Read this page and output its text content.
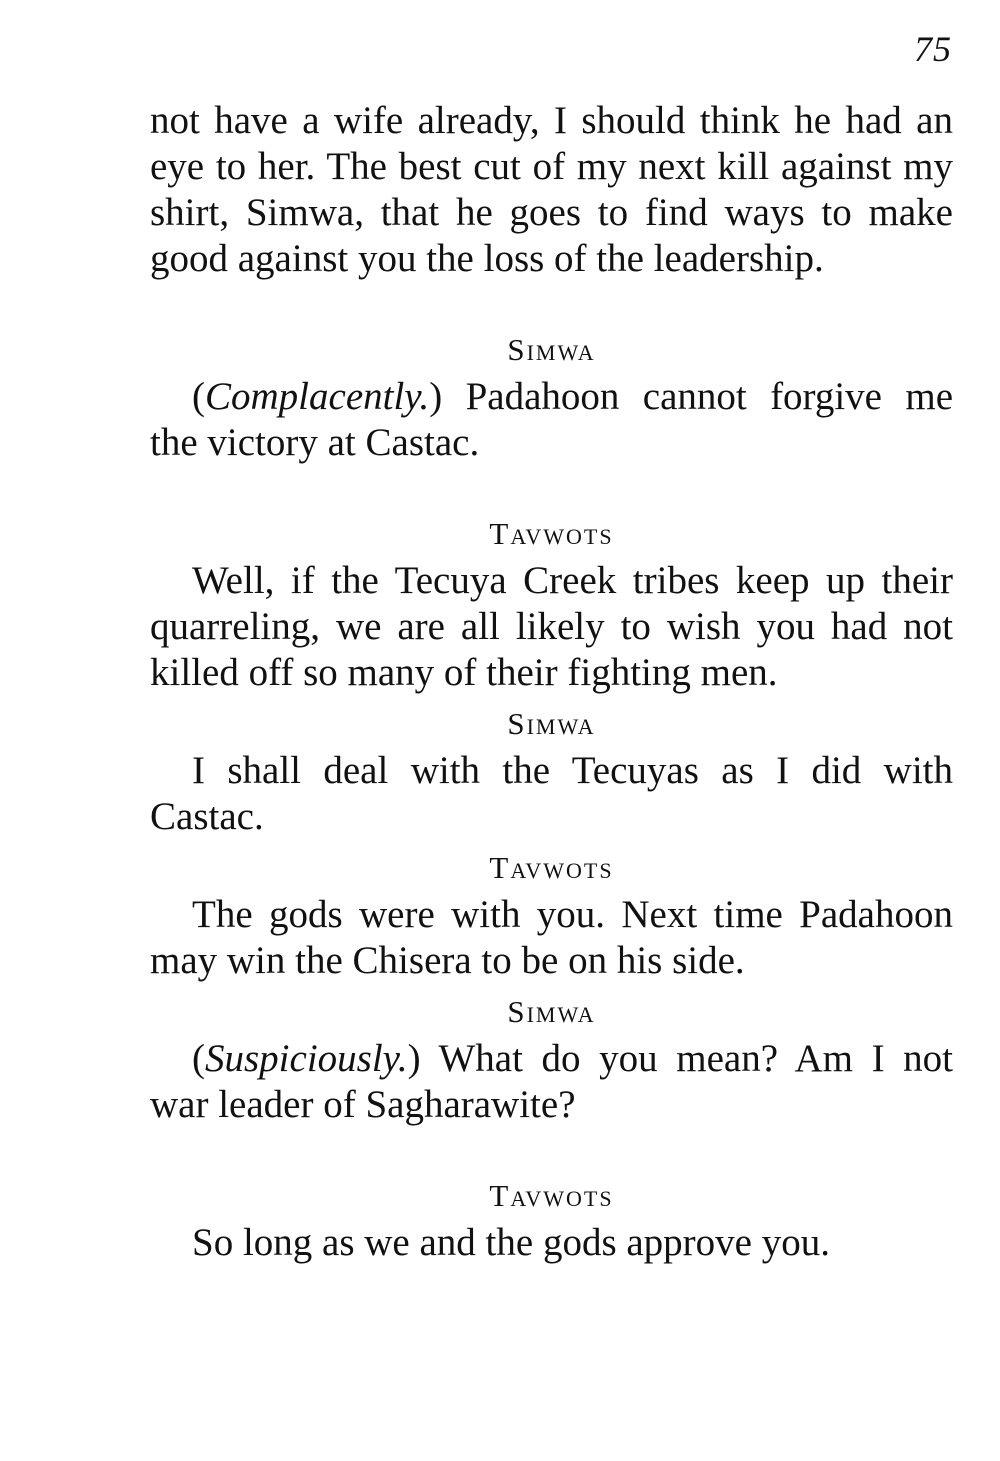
75

not have a wife already, I should think he had an eye to her. The best cut of my next kill against my shirt, Simwa, that he goes to find ways to make good against you the loss of the leadership.

Simwa

(Complacently.) Padahoon cannot forgive me the victory at Castac.

Tavwots

Well, if the Tecuya Creek tribes keep up their quarreling, we are all likely to wish you had not killed off so many of their fighting men.

Simwa

I shall deal with the Tecuyas as I did with Castac.

Tavwots

The gods were with you. Next time Padahoon may win the Chisera to be on his side.

Simwa

(Suspiciously.) What do you mean? Am I not war leader of Sagharawite?

Tavwots

So long as we and the gods approve you.
